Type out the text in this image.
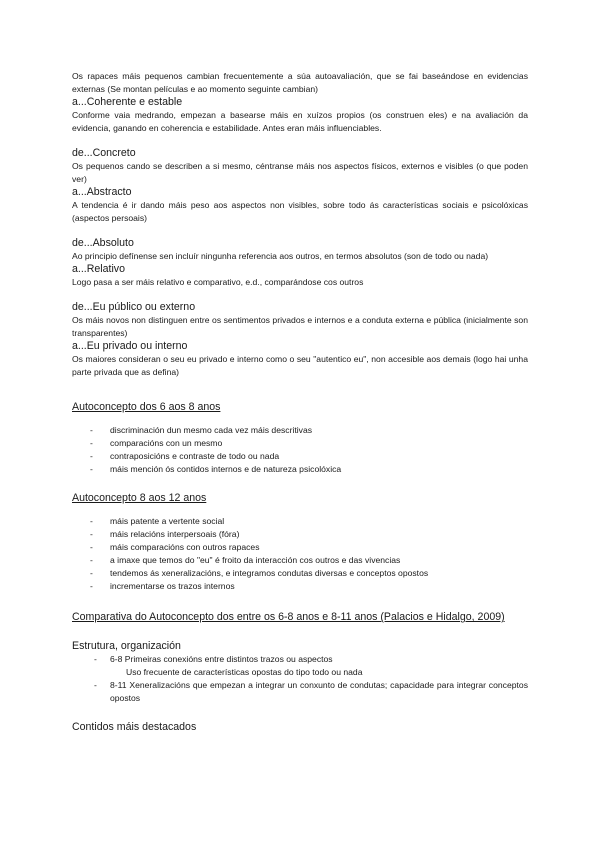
Os rapaces máis pequenos cambian frecuentemente a súa autoavaliación, que se fai baseándose en evidencias externas (Se montan películas e ao momento seguinte cambian)

a...Coherente e estable

Conforme vaia medrando, empezan a basearse máis en xuízos propios (os construen eles) e na avaliación da evidencia, ganando en coherencia e estabilidade. Antes eran máis influenciables.

de...Concreto

Os pequenos cando se describen a si mesmo, céntranse máis nos aspectos físicos, externos e visibles (o que poden ver)

a...Abstracto

A tendencia é ir dando máis peso aos aspectos non visibles, sobre todo ás características sociais e psicolóxicas (aspectos persoais)

de...Absoluto

Ao principio defínense sen incluír ningunha referencia aos outros, en termos absolutos (son de todo ou nada)

a...Relativo

Logo pasa a ser máis relativo e comparativo, e.d., comparándose cos outros

de...Eu público ou externo

Os máis novos non distinguen entre os sentimentos privados e internos e a conduta externa e pública (inicialmente son transparentes)

a...Eu privado ou interno

Os maiores consideran o seu eu privado e interno como o seu "autentico eu", non accesible aos demais (logo hai unha parte privada que as defina)

Autoconcepto dos 6 aos 8 anos

- discriminación dun mesmo cada vez máis descritivas
- comparacións con un mesmo
- contraposicións e contraste de todo ou nada
- máis mención ós contidos internos e de natureza psicolóxica

Autoconcepto 8 aos 12 anos

- máis patente a vertente social
- máis relacións interpersoais (fóra)
- máis comparacións con outros rapaces
- a imaxe que temos do "eu" é froito da interacción cos outros e das vivencias
- tendemos ás xeneralizacións, e integramos condutas diversas e conceptos opostos
- incrementarse os trazos internos

Comparativa do Autoconcepto dos entre os 6-8 anos e 8-11 anos (Palacios e Hidalgo, 2009)

Estrutura, organización

- 6-8 Primeiras conexións entre distintos trazos ou aspectos

Uso frecuente de características opostas do tipo todo ou nada

- 8-11 Xeneralizacións que empezan a integrar un conxunto de condutas; capacidade para integrar conceptos opostos

Contidos máis destacados
